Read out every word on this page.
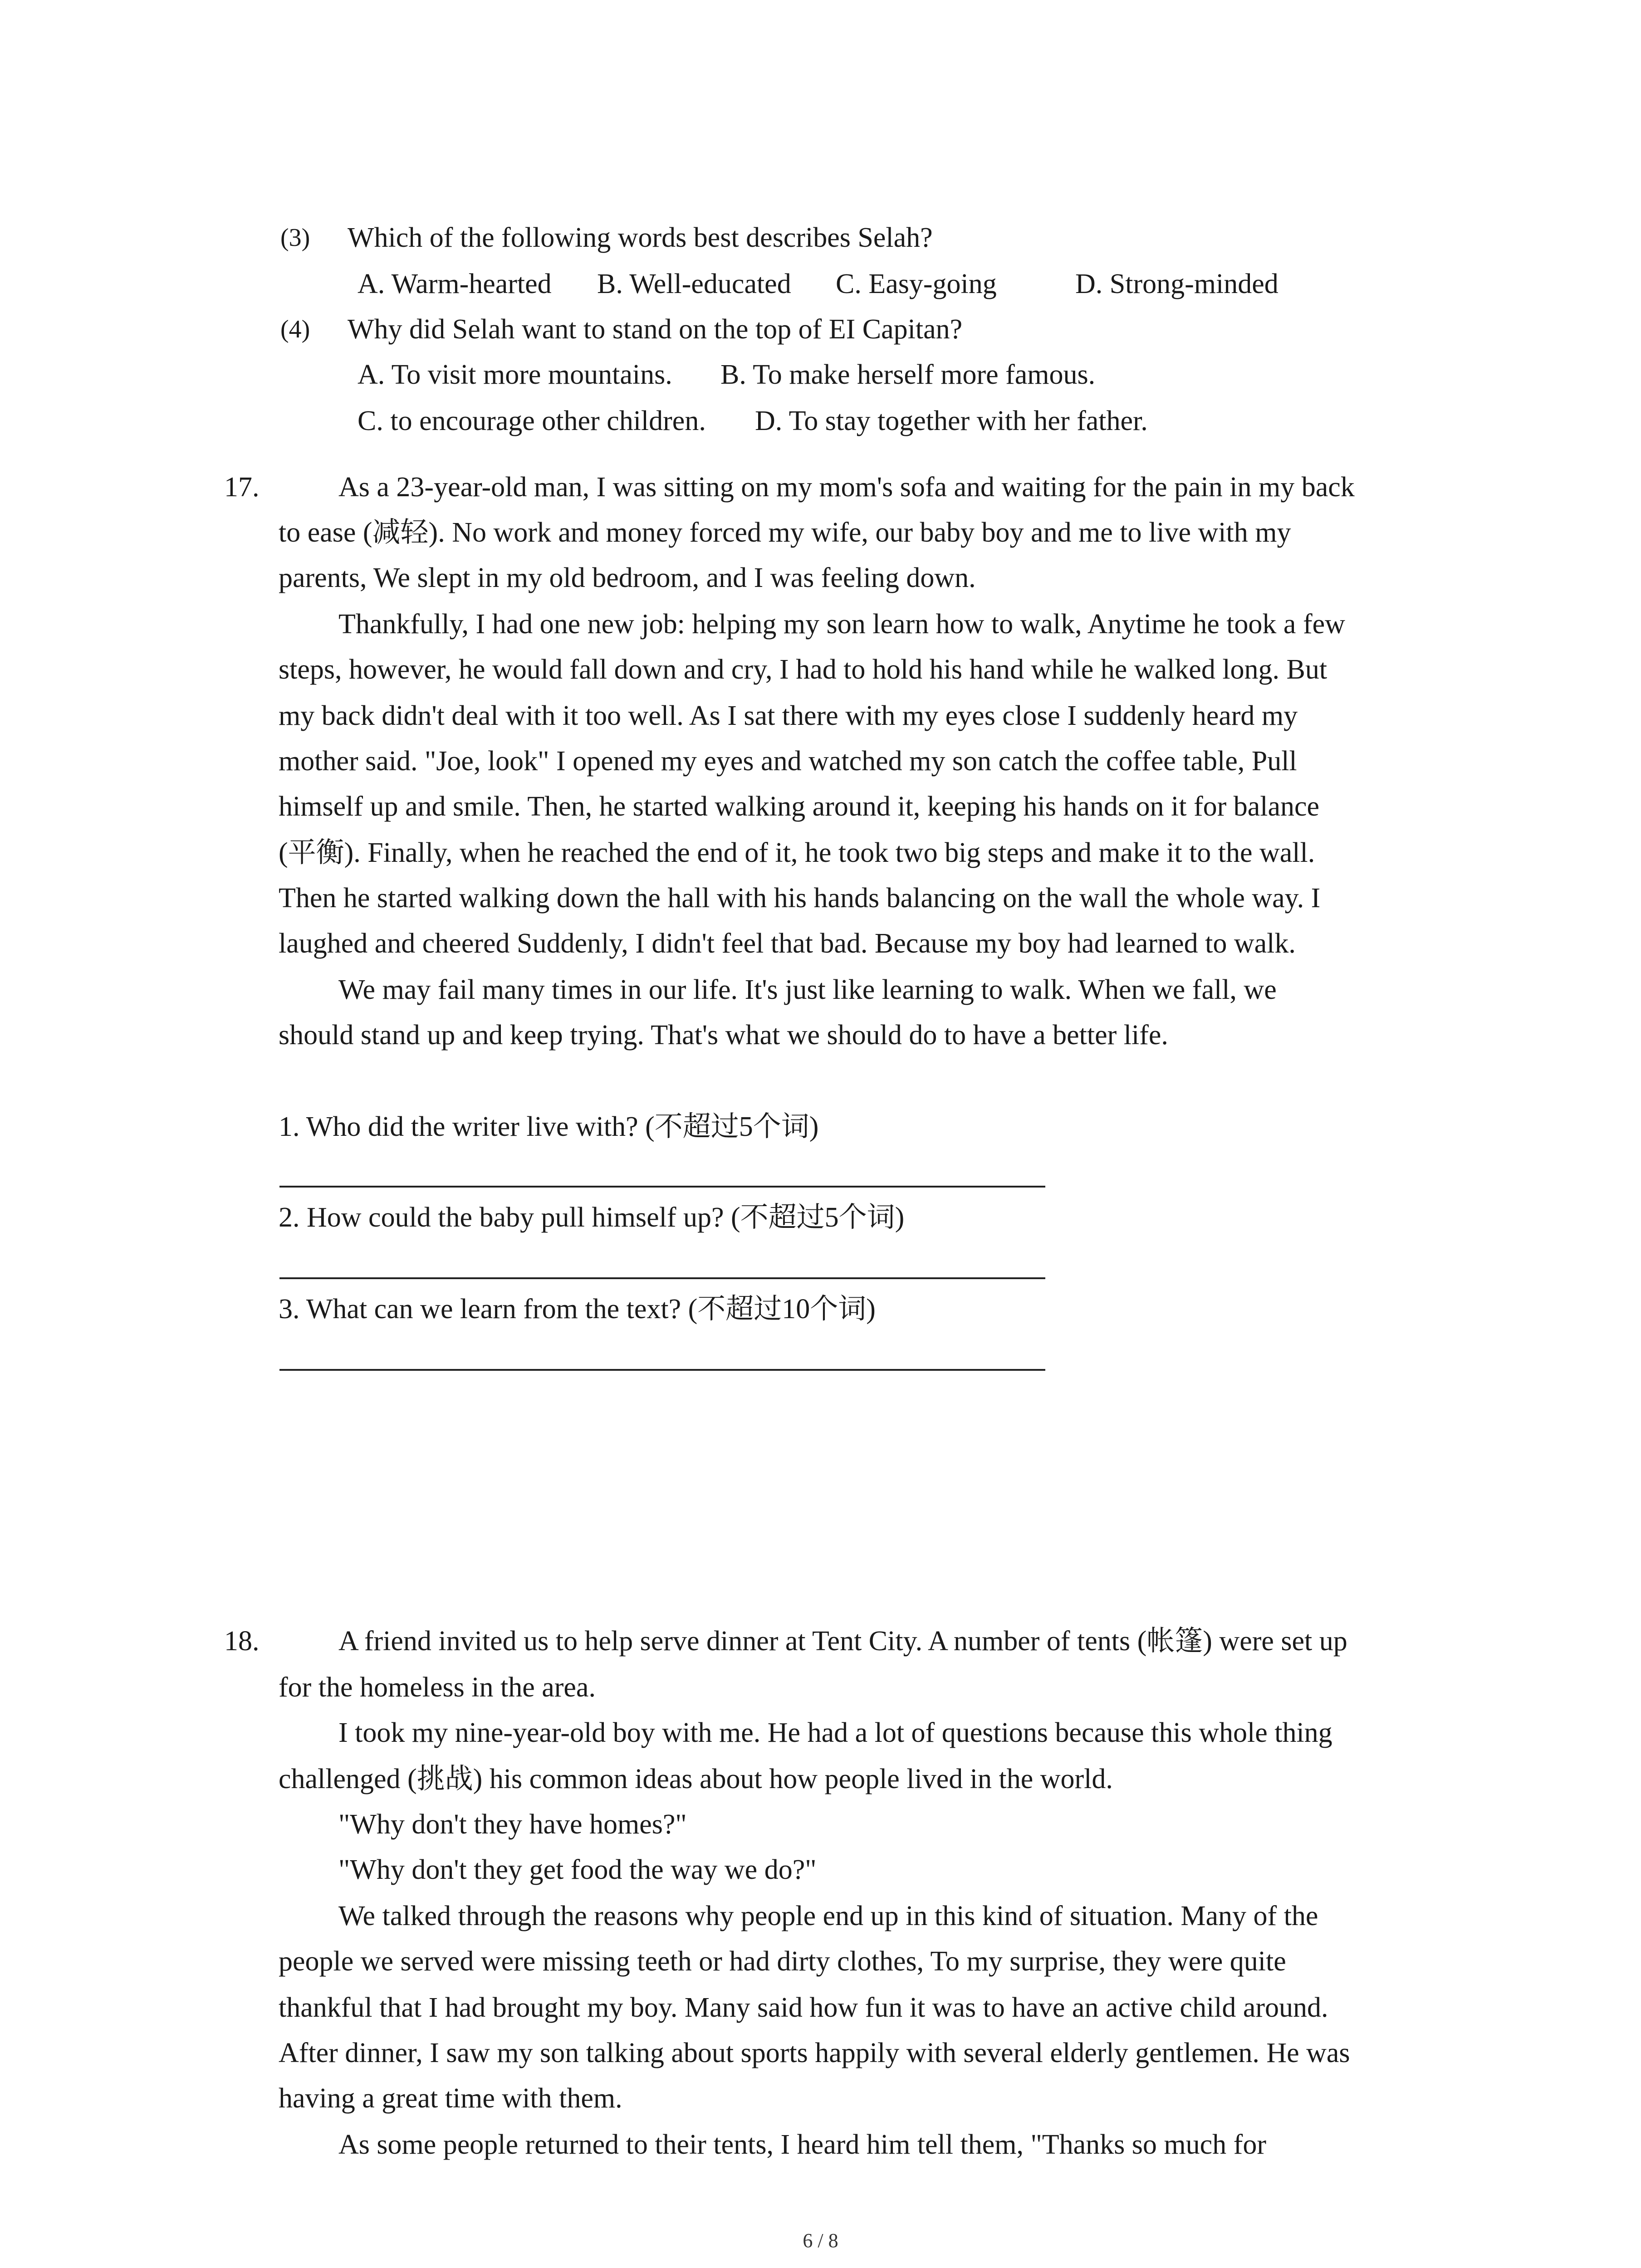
(3) Which of the following words best describes Selah?
A. Warm-hearted B. Well-educated C. Easy-going	D. Strong-minded
(4) Why did Selah want to stand on the top of EI Capitan?
A. To visit more mountains. B. To make herself more famous.
C. to encourage other children. D. To stay together with her father.
17.	As a 23-year-old man, I was sitting on my mom's sofa and waiting for the pain in my back
to ease (减轻). No work and money forced my wife, our baby boy and me to live with my
parents, We slept in my old bedroom, and I was feeling down.
Thankfully, I had one new job: helping my son learn how to walk, Anytime he took a few
steps, however, he would fall down and cry, I had to hold his hand while he walked long. But
my back didn't deal with it too well. As I sat there with my eyes close I suddenly heard my
mother said. "Joe, look" I opened my eyes and watched my son catch the coffee table, Pull
himself up and smile. Then, he started walking around it, keeping his hands on it for balance
(平衡). Finally, when he reached the end of it, he took two big steps and make it to the wall.
Then he started walking down the hall with his hands balancing on the wall the whole way. I
laughed and cheered Suddenly, I didn't feel that bad. Because my boy had learned to walk.
We may fail many times in our life. It's just like learning to walk. When we fall, we
should stand up and keep trying. That's what we should do to have a better life.
1. Who did the writer live with? (不超过5个词)
2. How could the baby pull himself up? (不超过5个词)
3. What can we learn from the text? (不超过10个词)
18.	A friend invited us to help serve dinner at Tent City. A number of tents (帐篷) were set up
for the homeless in the area.
I took my nine-year-old boy with me. He had a lot of questions because this whole thing
challenged (挑战) his common ideas about how people lived in the world.
"Why don't they have homes?"
"Why don't they get food the way we do?"
We talked through the reasons why people end up in this kind of situation. Many of the
people we served were missing teeth or had dirty clothes, To my surprise, they were quite
thankful that I had brought my boy. Many said how fun it was to have an active child around.
After dinner, I saw my son talking about sports happily with several elderly gentlemen. He was
having a great time with them.
As some people returned to their tents, I heard him tell them, "Thanks so much for
6 / 8
